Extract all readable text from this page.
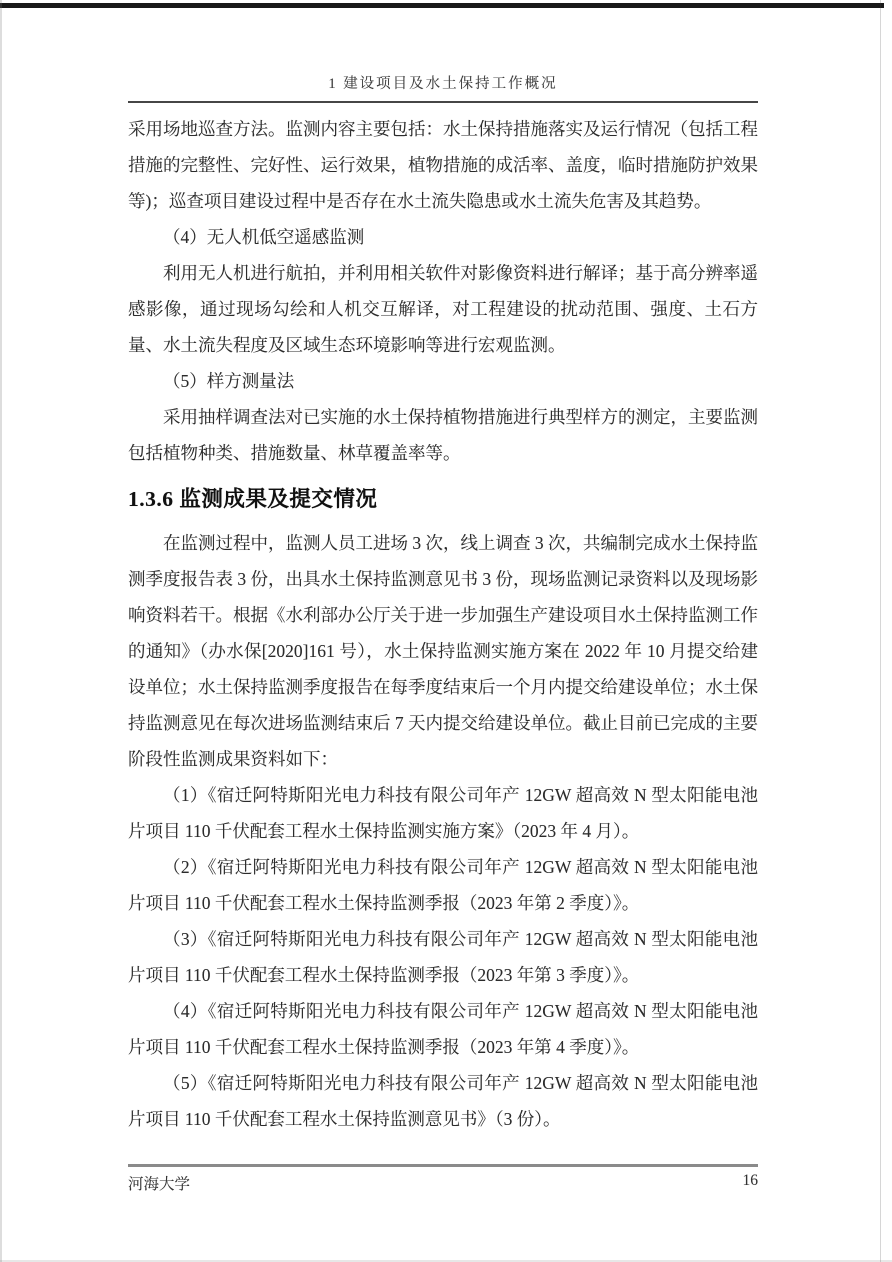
1 建设项目及水土保持工作概况

采用场地巡查方法。监测内容主要包括：水土保持措施落实及运行情况（包括工程措施的完整性、完好性、运行效果，植物措施的成活率、盖度，临时措施防护效果等)；巡查项目建设过程中是否存在水土流失隐患或水土流失危害及其趋势。

（4）无人机低空遥感监测

利用无人机进行航拍，并利用相关软件对影像资料进行解译；基于高分辨率遥感影像，通过现场勾绘和人机交互解译，对工程建设的扰动范围、强度、土石方量、水土流失程度及区域生态环境影响等进行宏观监测。

（5）样方测量法

采用抽样调查法对已实施的水土保持植物措施进行典型样方的测定，主要监测包括植物种类、措施数量、林草覆盖率等。

1.3.6 监测成果及提交情况

在监测过程中，监测人员工进场 3 次，线上调查 3 次，共编制完成水土保持监测季度报告表 3 份，出具水土保持监测意见书 3 份，现场监测记录资料以及现场影响资料若干。根据《水利部办公厅关于进一步加强生产建设项目水土保持监测工作的通知》（办水保[2020]161 号），水土保持监测实施方案在 2022 年 10 月提交给建设单位；水土保持监测季度报告在每季度结束后一个月内提交给建设单位；水土保持监测意见在每次进场监测结束后 7 天内提交给建设单位。截止目前已完成的主要阶段性监测成果资料如下：

（1）《宿迁阿特斯阳光电力科技有限公司年产 12GW 超高效 N 型太阳能电池片项目 110 千伏配套工程水土保持监测实施方案》（2023 年 4 月）。

（2）《宿迁阿特斯阳光电力科技有限公司年产 12GW 超高效 N 型太阳能电池片项目 110 千伏配套工程水土保持监测季报（2023 年第 2 季度）》。

（3）《宿迁阿特斯阳光电力科技有限公司年产 12GW 超高效 N 型太阳能电池片项目 110 千伏配套工程水土保持监测季报（2023 年第 3 季度）》。

（4）《宿迁阿特斯阳光电力科技有限公司年产 12GW 超高效 N 型太阳能电池片项目 110 千伏配套工程水土保持监测季报（2023 年第 4 季度）》。

（5）《宿迁阿特斯阳光电力科技有限公司年产 12GW 超高效 N 型太阳能电池片项目 110 千伏配套工程水土保持监测意见书》（3 份）。

河海大学	16
